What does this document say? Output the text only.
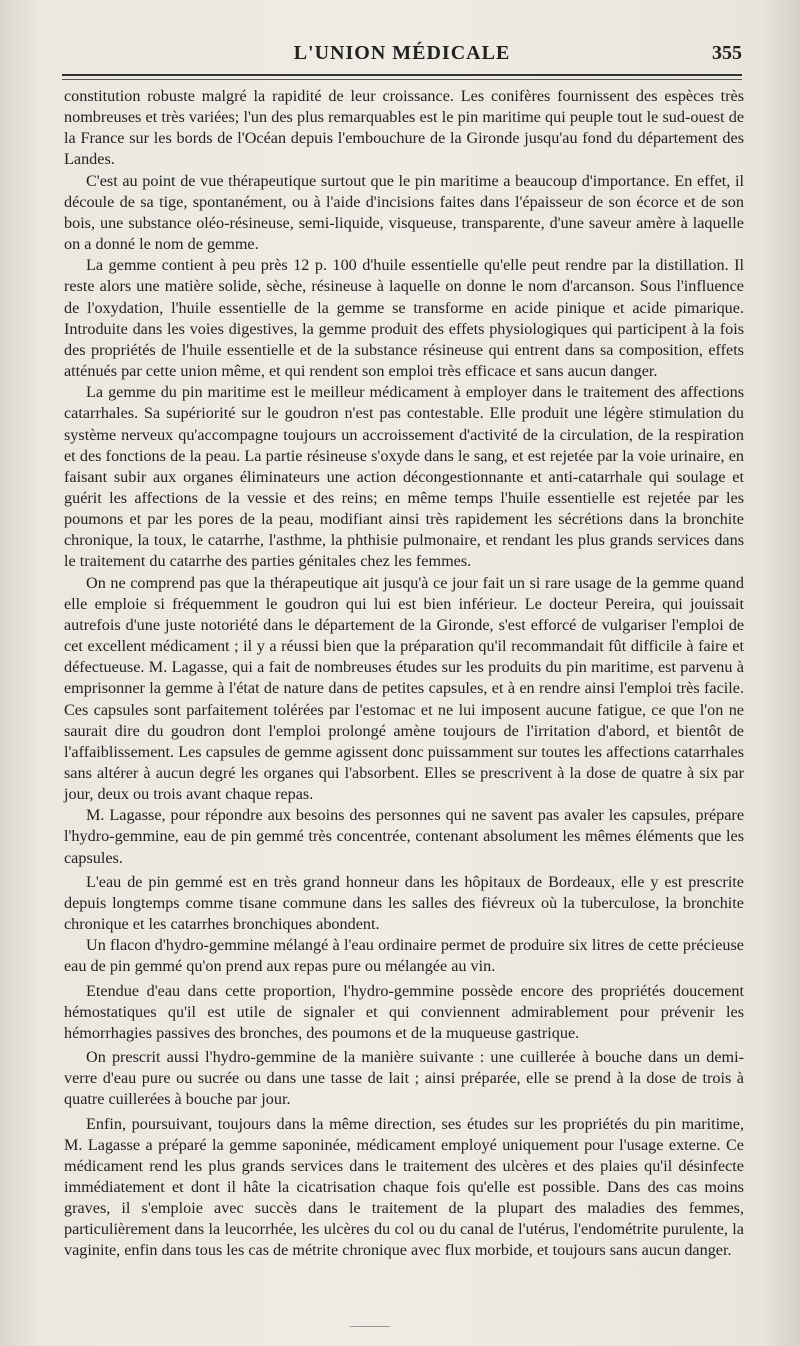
L'UNION MÉDICALE	355

constitution robuste malgré la rapidité de leur croissance. Les conifères fournissent des espèces très nombreuses et très variées; l'un des plus remarquables est le pin maritime qui peuple tout le sud-ouest de la France sur les bords de l'Océan depuis l'embouchure de la Gironde jusqu'au fond du département des Landes.

C'est au point de vue thérapeutique surtout que le pin maritime a beaucoup d'importance. En effet, il découle de sa tige, spontanément, ou à l'aide d'incisions faites dans l'épaisseur de son écorce et de son bois, une substance oléo-résineuse, semi-liquide, visqueuse, transparente, d'une saveur amère à laquelle on a donné le nom de gemme.

La gemme contient à peu près 12 p. 100 d'huile essentielle qu'elle peut rendre par la distillation. Il reste alors une matière solide, sèche, résineuse à laquelle on donne le nom d'arcanson. Sous l'influence de l'oxydation, l'huile essentielle de la gemme se transforme en acide pinique et acide pimarique. Introduite dans les voies digestives, la gemme produit des effets physiologiques qui participent à la fois des propriétés de l'huile essentielle et de la substance résineuse qui entrent dans sa composition, effets atténués par cette union même, et qui rendent son emploi très efficace et sans aucun danger.

La gemme du pin maritime est le meilleur médicament à employer dans le traitement des affections catarrhales. Sa supériorité sur le goudron n'est pas contestable. Elle produit une légère stimulation du système nerveux qu'accompagne toujours un accroissement d'activité de la circulation, de la respiration et des fonctions de la peau. La partie résineuse s'oxyde dans le sang, et est rejetée par la voie urinaire, en faisant subir aux organes éliminateurs une action décongestionnante et anti-catarrhale qui soulage et guérit les affections de la vessie et des reins; en même temps l'huile essentielle est rejetée par les poumons et par les pores de la peau, modifiant ainsi très rapidement les sécrétions dans la bronchite chronique, la toux, le catarrhe, l'asthme, la phthisie pulmonaire, et rendant les plus grands services dans le traitement du catarrhe des parties génitales chez les femmes.

On ne comprend pas que la thérapeutique ait jusqu'à ce jour fait un si rare usage de la gemme quand elle emploie si fréquemment le goudron qui lui est bien inférieur. Le docteur Pereira, qui jouissait autrefois d'une juste notoriété dans le département de la Gironde, s'est efforcé de vulgariser l'emploi de cet excellent médicament ; il y a réussi bien que la préparation qu'il recommandait fût difficile à faire et défectueuse. M. Lagasse, qui a fait de nombreuses études sur les produits du pin maritime, est parvenu à emprisonner la gemme à l'état de nature dans de petites capsules, et à en rendre ainsi l'emploi très facile. Ces capsules sont parfaitement tolérées par l'estomac et ne lui imposent aucune fatigue, ce que l'on ne saurait dire du goudron dont l'emploi prolongé amène toujours de l'irritation d'abord, et bientôt de l'affaiblissement. Les capsules de gemme agissent donc puissamment sur toutes les affections catarrhales sans altérer à aucun degré les organes qui l'absorbent. Elles se prescrivent à la dose de quatre à six par jour, deux ou trois avant chaque repas.

M. Lagasse, pour répondre aux besoins des personnes qui ne savent pas avaler les capsules, prépare l'hydro-gemmine, eau de pin gemmé très concentrée, contenant absolument les mêmes éléments que les capsules.

L'eau de pin gemmé est en très grand honneur dans les hôpitaux de Bordeaux, elle y est prescrite depuis longtemps comme tisane commune dans les salles des fiévreux où la tuberculose, la bronchite chronique et les catarrhes bronchiques abondent.

Un flacon d'hydro-gemmine mélangé à l'eau ordinaire permet de produire six litres de cette précieuse eau de pin gemmé qu'on prend aux repas pure ou mélangée au vin.

Etendue d'eau dans cette proportion, l'hydro-gemmine possède encore des propriétés doucement hémostatiques qu'il est utile de signaler et qui conviennent admirablement pour prévenir les hémorrhagies passives des bronches, des poumons et de la muqueuse gastrique.

On prescrit aussi l'hydro-gemmine de la manière suivante : une cuillerée à bouche dans un demi-verre d'eau pure ou sucrée ou dans une tasse de lait ; ainsi préparée, elle se prend à la dose de trois à quatre cuillerées à bouche par jour.

Enfin, poursuivant, toujours dans la même direction, ses études sur les propriétés du pin maritime, M. Lagasse a préparé la gemme saponinée, médicament employé uniquement pour l'usage externe. Ce médicament rend les plus grands services dans le traitement des ulcères et des plaies qu'il désinfecte immédiatement et dont il hâte la cicatrisation chaque fois qu'elle est possible. Dans des cas moins graves, il s'emploie avec succès dans le traitement de la plupart des maladies des femmes, particulièrement dans la leucorrhée, les ulcères du col ou du canal de l'utérus, l'endométrite purulente, la vaginite, enfin dans tous les cas de métrite chronique avec flux morbide, et toujours sans aucun danger.
